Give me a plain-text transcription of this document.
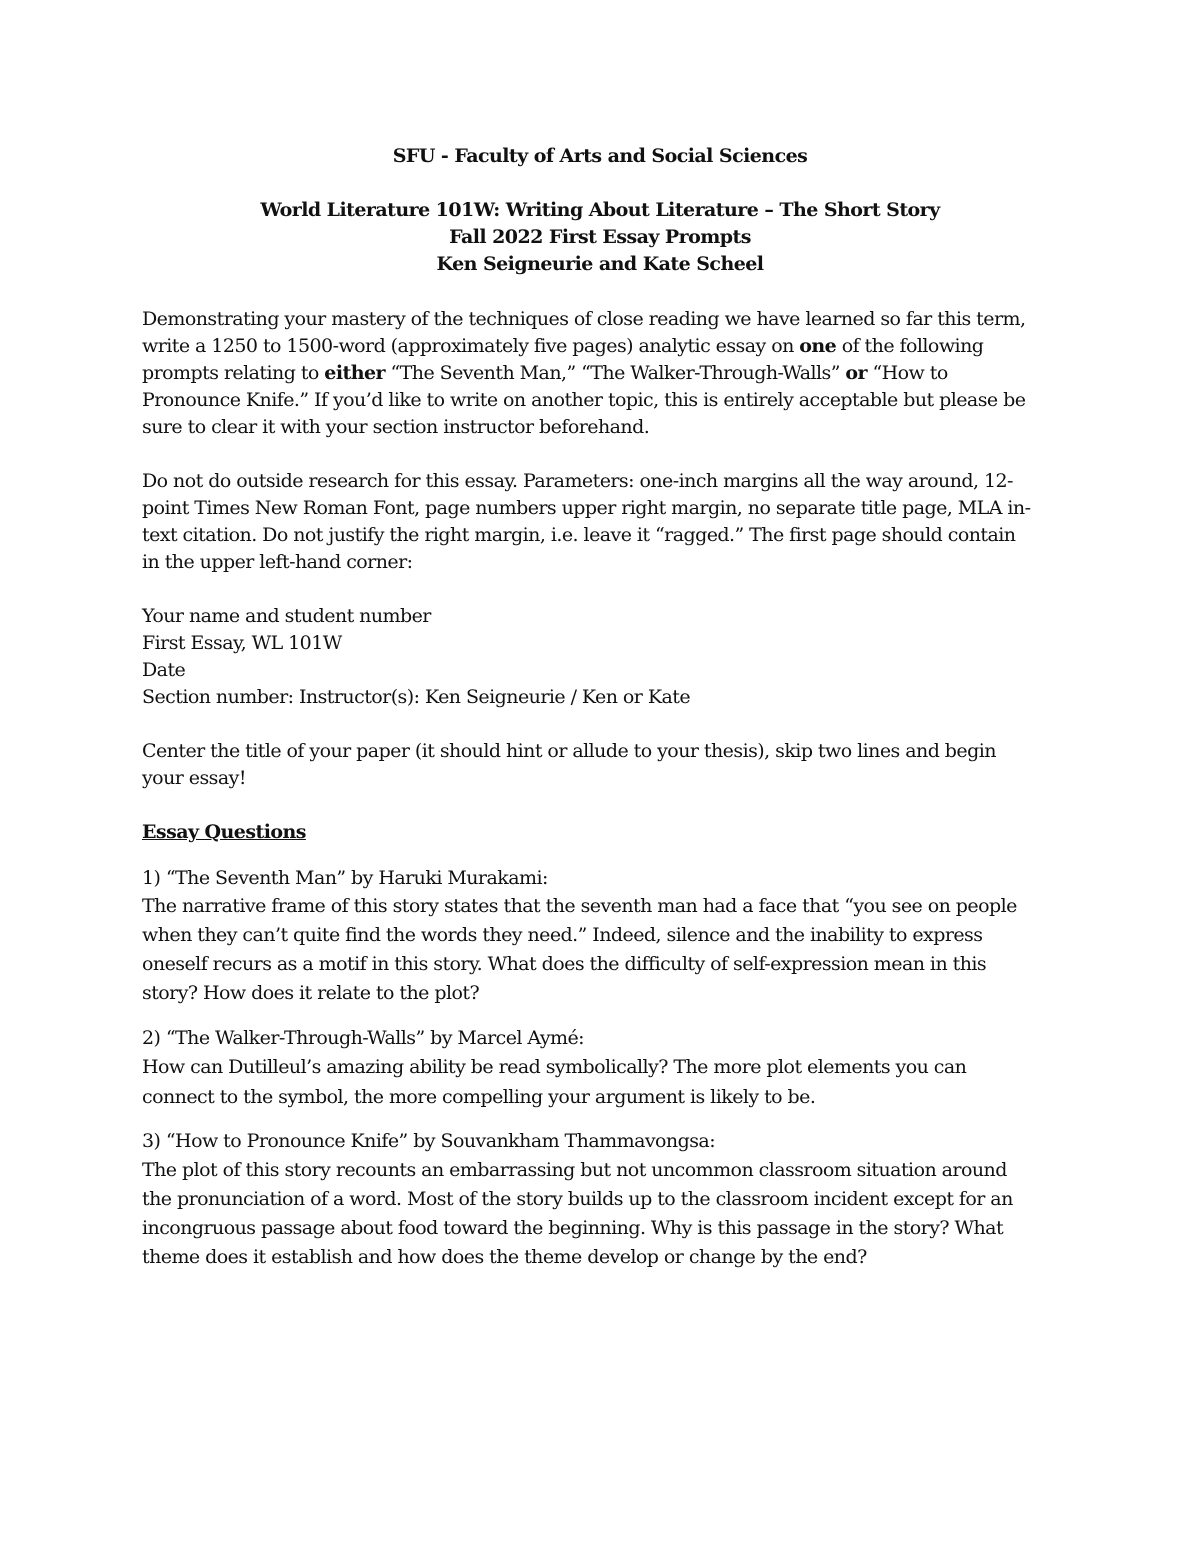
SFU - Faculty of Arts and Social Sciences
World Literature 101W: Writing About Literature – The Short Story
Fall 2022 First Essay Prompts
Ken Seigneurie and Kate Scheel
Demonstrating your mastery of the techniques of close reading we have learned so far this term,
write a 1250 to 1500-word (approximately five pages) analytic essay on one of the following
prompts relating to either “The Seventh Man,” “The Walker-Through-Walls” or “How to
Pronounce Knife.” If you’d like to write on another topic, this is entirely acceptable but please be
sure to clear it with your section instructor beforehand.
Do not do outside research for this essay. Parameters: one-inch margins all the way around, 12-
point Times New Roman Font, page numbers upper right margin, no separate title page, MLA in-
text citation. Do not justify the right margin, i.e. leave it “ragged.” The first page should contain
in the upper left-hand corner:
Your name and student number
First Essay, WL 101W
Date
Section number: Instructor(s): Ken Seigneurie / Ken or Kate
Center the title of your paper (it should hint or allude to your thesis), skip two lines and begin
your essay!
Essay Questions
1) “The Seventh Man” by Haruki Murakami:
The narrative frame of this story states that the seventh man had a face that “you see on people
when they can’t quite find the words they need.” Indeed, silence and the inability to express
oneself recurs as a motif in this story. What does the difficulty of self-expression mean in this
story? How does it relate to the plot?
2) “The Walker-Through-Walls” by Marcel Aymé:
How can Dutilleul’s amazing ability be read symbolically? The more plot elements you can
connect to the symbol, the more compelling your argument is likely to be.
3) “How to Pronounce Knife” by Souvankham Thammavongsa:
The plot of this story recounts an embarrassing but not uncommon classroom situation around
the pronunciation of a word. Most of the story builds up to the classroom incident except for an
incongruous passage about food toward the beginning. Why is this passage in the story? What
theme does it establish and how does the theme develop or change by the end?
